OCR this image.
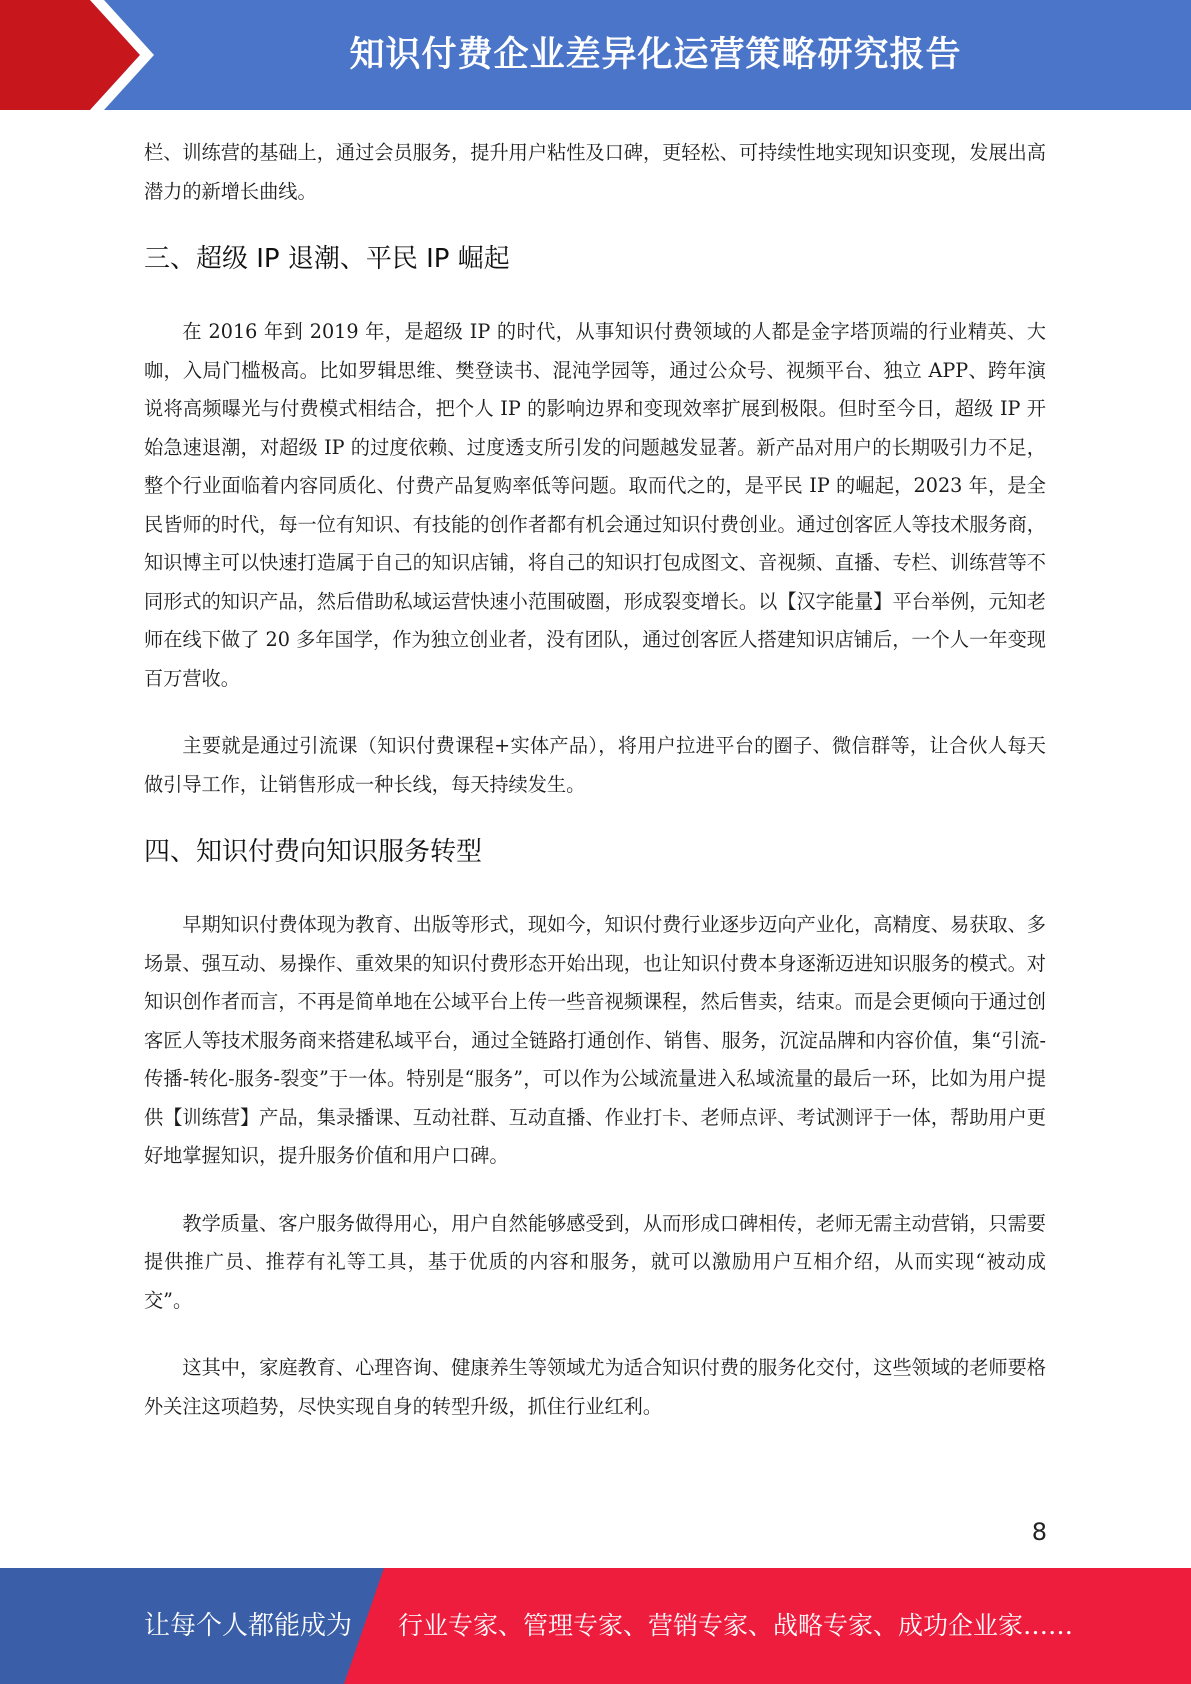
知识付费企业差异化运营策略研究报告

栏、训练营的基础上，通过会员服务，提升用户粘性及口碑，更轻松、可持续性地实现知识变现，发展出高潜力的新增长曲线。

三、超级 IP 退潮、平民 IP 崛起

在 2016 年到 2019 年，是超级 IP 的时代，从事知识付费领域的人都是金字塔顶端的行业精英、大咖，入局门槛极高。比如罗辑思维、樊登读书、混沌学园等，通过公众号、视频平台、独立 APP、跨年演说将高频曝光与付费模式相结合，把个人 IP 的影响边界和变现效率扩展到极限。但时至今日，超级 IP 开始急速退潮，对超级 IP 的过度依赖、过度透支所引发的问题越发显著。新产品对用户的长期吸引力不足，整个行业面临着内容同质化、付费产品复购率低等问题。取而代之的，是平民 IP 的崛起，2023 年，是全民皆师的时代，每一位有知识、有技能的创作者都有机会通过知识付费创业。通过创客匠人等技术服务商，知识博主可以快速打造属于自己的知识店铺，将自己的知识打包成图文、音视频、直播、专栏、训练营等不同形式的知识产品，然后借助私域运营快速小范围破圈，形成裂变增长。以【汉字能量】平台举例，元知老师在线下做了 20 多年国学，作为独立创业者，没有团队，通过创客匠人搭建知识店铺后，一个人一年变现百万营收。

主要就是通过引流课（知识付费课程+实体产品），将用户拉进平台的圈子、微信群等，让合伙人每天做引导工作，让销售形成一种长线，每天持续发生。

四、知识付费向知识服务转型

早期知识付费体现为教育、出版等形式，现如今，知识付费行业逐步迈向产业化，高精度、易获取、多场景、强互动、易操作、重效果的知识付费形态开始出现，也让知识付费本身逐渐迈进知识服务的模式。对知识创作者而言，不再是简单地在公域平台上传一些音视频课程，然后售卖，结束。而是会更倾向于通过创客匠人等技术服务商来搭建私域平台，通过全链路打通创作、销售、服务，沉淀品牌和内容价值，集“引流-传播-转化-服务-裂变”于一体。特别是“服务”，可以作为公域流量进入私域流量的最后一环，比如为用户提供【训练营】产品，集录播课、互动社群、互动直播、作业打卡、老师点评、考试测评于一体，帮助用户更好地掌握知识，提升服务价值和用户口碑。

教学质量、客户服务做得用心，用户自然能够感受到，从而形成口碑相传，老师无需主动营销，只需要提供推广员、推荐有礼等工具，基于优质的内容和服务，就可以激励用户互相介绍，从而实现“被动成交”。

这其中，家庭教育、心理咨询、健康养生等领域尤为适合知识付费的服务化交付，这些领域的老师要格外关注这项趋势，尽快实现自身的转型升级，抓住行业红利。

8
让每个人都能成为 行业专家、管理专家、营销专家、战略专家、成功企业家……
